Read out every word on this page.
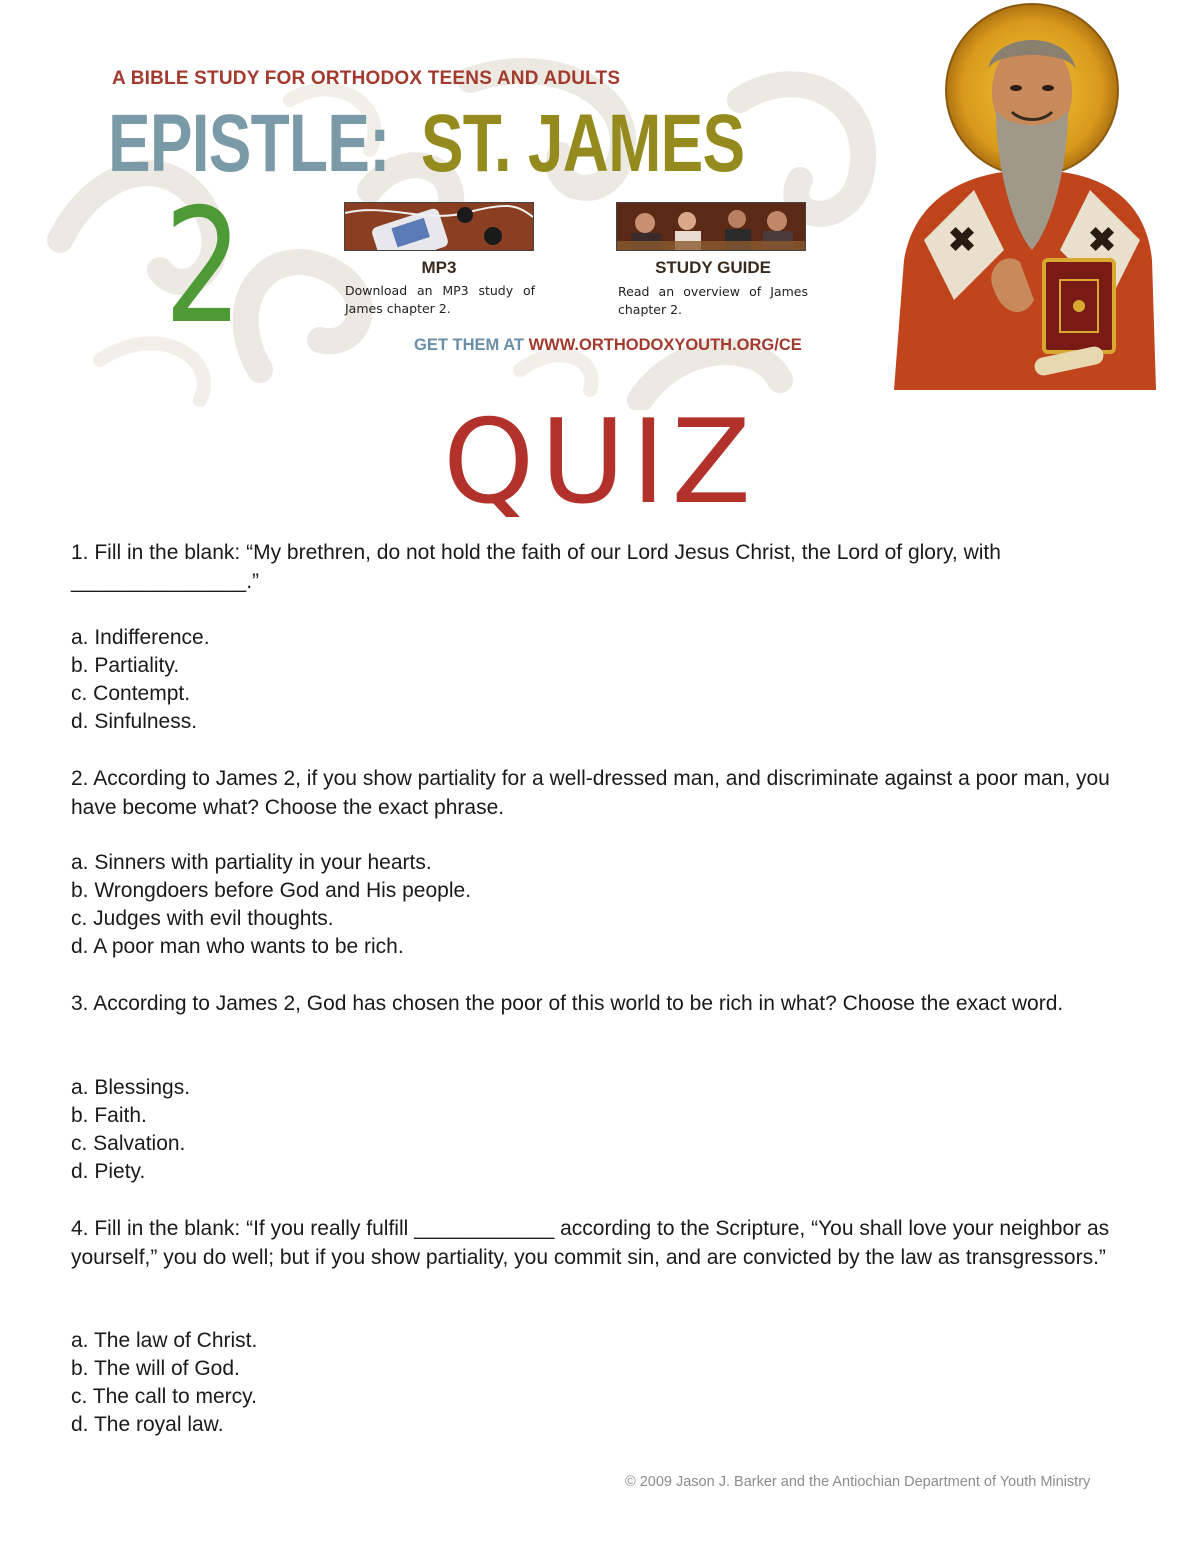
A BIBLE STUDY FOR ORTHODOX TEENS AND ADULTS
EPISTLE: ST. JAMES
2	MP3
Download an MP3 study of James chapter 2.
STUDY GUIDE
Read an overview of James chapter 2.
GET THEM AT WWW.ORTHODOXYOUTH.ORG/CE
QUIZ
1. Fill in the blank: “My brethren, do not hold the faith of our Lord Jesus Christ, the Lord of glory, with _______________.”
a. Indifference.
b. Partiality.
c. Contempt.
d. Sinfulness.
2. According to James 2, if you show partiality for a well-dressed man, and discriminate against a poor man, you have become what? Choose the exact phrase.
a. Sinners with partiality in your hearts.
b. Wrongdoers before God and His people.
c. Judges with evil thoughts.
d. A poor man who wants to be rich.
3. According to James 2, God has chosen the poor of this world to be rich in what? Choose the exact word.
a. Blessings.
b. Faith.
c. Salvation.
d. Piety.
4. Fill in the blank: “If you really fulfill ____________ according to the Scripture, “You shall love your neighbor as yourself,” you do well; but if you show partiality, you commit sin, and are convicted by the law as transgressors.”
a. The law of Christ.
b. The will of God.
c. The call to mercy.
d. The royal law.
© 2009 Jason J. Barker and the Antiochian Department of Youth Ministry
